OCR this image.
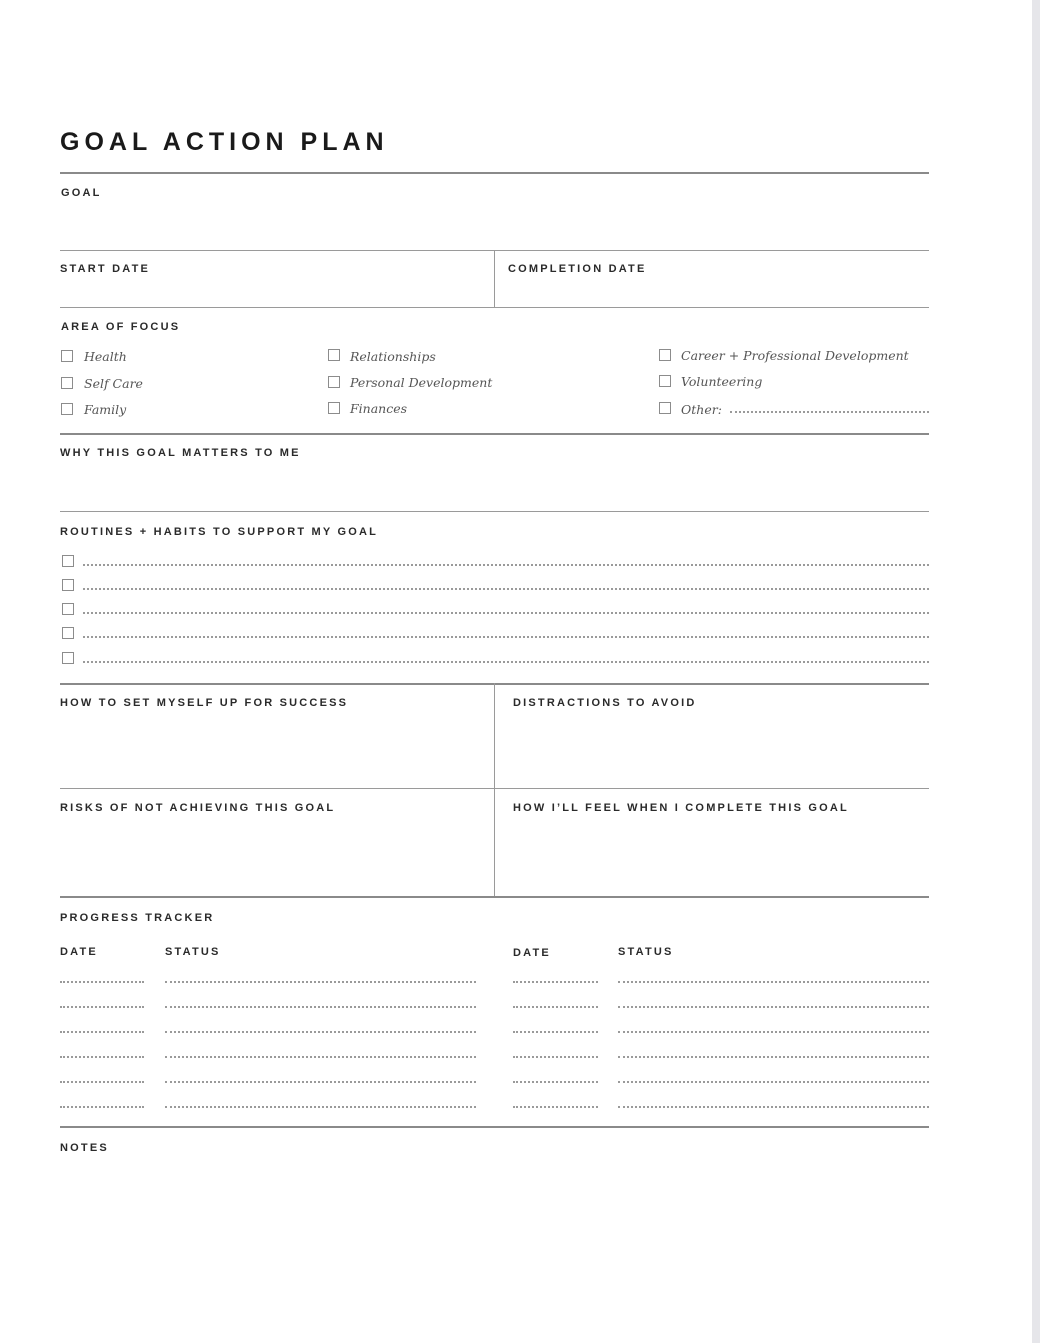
GOAL ACTION PLAN
GOAL
START DATE	COMPLETION DATE
AREA OF FOCUS
Health
Self Care
Family
Relationships
Personal Development
Finances
Career + Professional Development
Volunteering
Other:
WHY THIS GOAL MATTERS TO ME
ROUTINES + HABITS TO SUPPORT MY GOAL
HOW TO SET MYSELF UP FOR SUCCESS	DISTRACTIONS TO AVOID
RISKS OF NOT ACHIEVING THIS GOAL	HOW I’LL FEEL WHEN I COMPLETE THIS GOAL
PROGRESS TRACKER
DATE	STATUS	DATE	STATUS
NOTES
